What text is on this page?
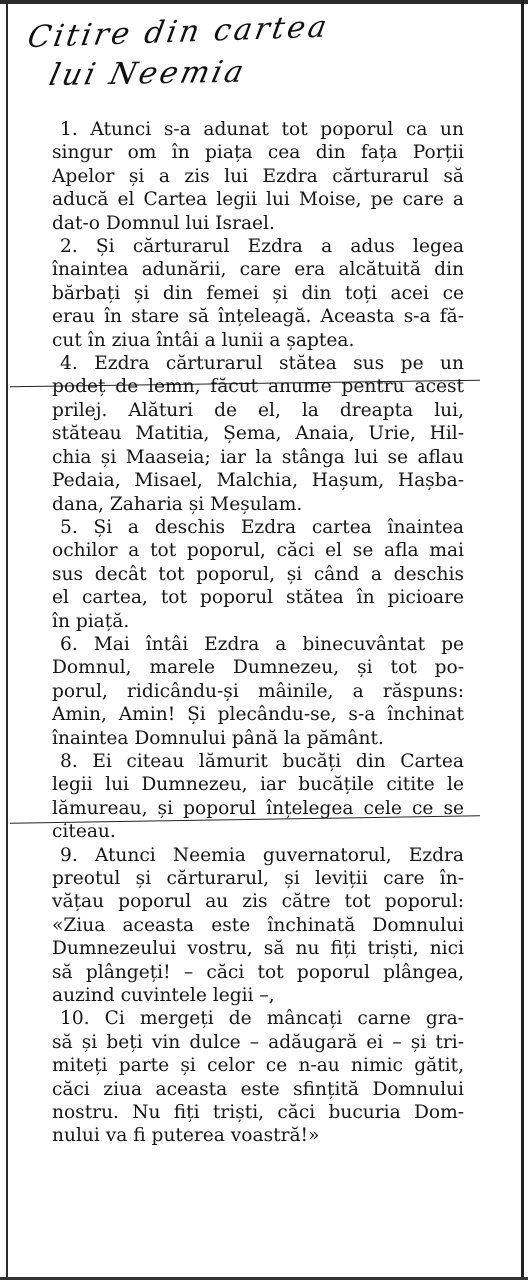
Citire din cartea
lui Neemia

1. Atunci s-a adunat tot poporul ca un
singur om în piața cea din fața Porții
Apelor și a zis lui Ezdra cărturarul să
aducă el Cartea legii lui Moise, pe care a
dat-o Domnul lui Israel.

2. Și cărturarul Ezdra a adus legea
înaintea adunării, care era alcătuită din
bărbați și din femei și din toți acei ce
erau în stare să înțeleagă. Aceasta s-a fă-
cut în ziua întâi a lunii a șaptea.

4. Ezdra cărturarul stătea sus pe un
podeț de lemn, făcut anume pentru acest
prilej. Alături de el, la dreapta lui,
stăteau Matitia, Șema, Anaia, Urie, Hil-
chia și Maaseia; iar la stânga lui se aflau
Pedaia, Misael, Malchia, Hașum, Hașba-
dana, Zaharia și Meșulam.

5. Și a deschis Ezdra cartea înaintea
ochilor a tot poporul, căci el se afla mai
sus decât tot poporul, și când a deschis
el cartea, tot poporul stătea în picioare
în piață.

6. Mai întâi Ezdra a binecuvântat pe
Domnul, marele Dumnezeu, și tot po-
porul, ridicându-și mâinile, a răspuns:
Amin, Amin! Și plecându-se, s-a închinat
înaintea Domnului până la pământ.

8. Ei citeau lămurit bucăți din Cartea
legii lui Dumnezeu, iar bucățile citite le
lămureau, și poporul înțelegea cele ce se
citeau.

9. Atunci Neemia guvernatorul, Ezdra
preotul și cărturarul, și leviții care în-
vățau poporul au zis către tot poporul:
«Ziua aceasta este închinată Domnului
Dumnezeului vostru, să nu fiți triști, nici
să plângeți! – căci tot poporul plângea,
auzind cuvintele legii –,

10. Ci mergeți de mâncați carne gra-
să și beți vin dulce – adăugară ei – și tri-
miteți parte și celor ce n-au nimic gătit,
căci ziua aceasta este sfințită Domnului
nostru. Nu fiți triști, căci bucuria Dom-
nului va fi puterea voastră!»
